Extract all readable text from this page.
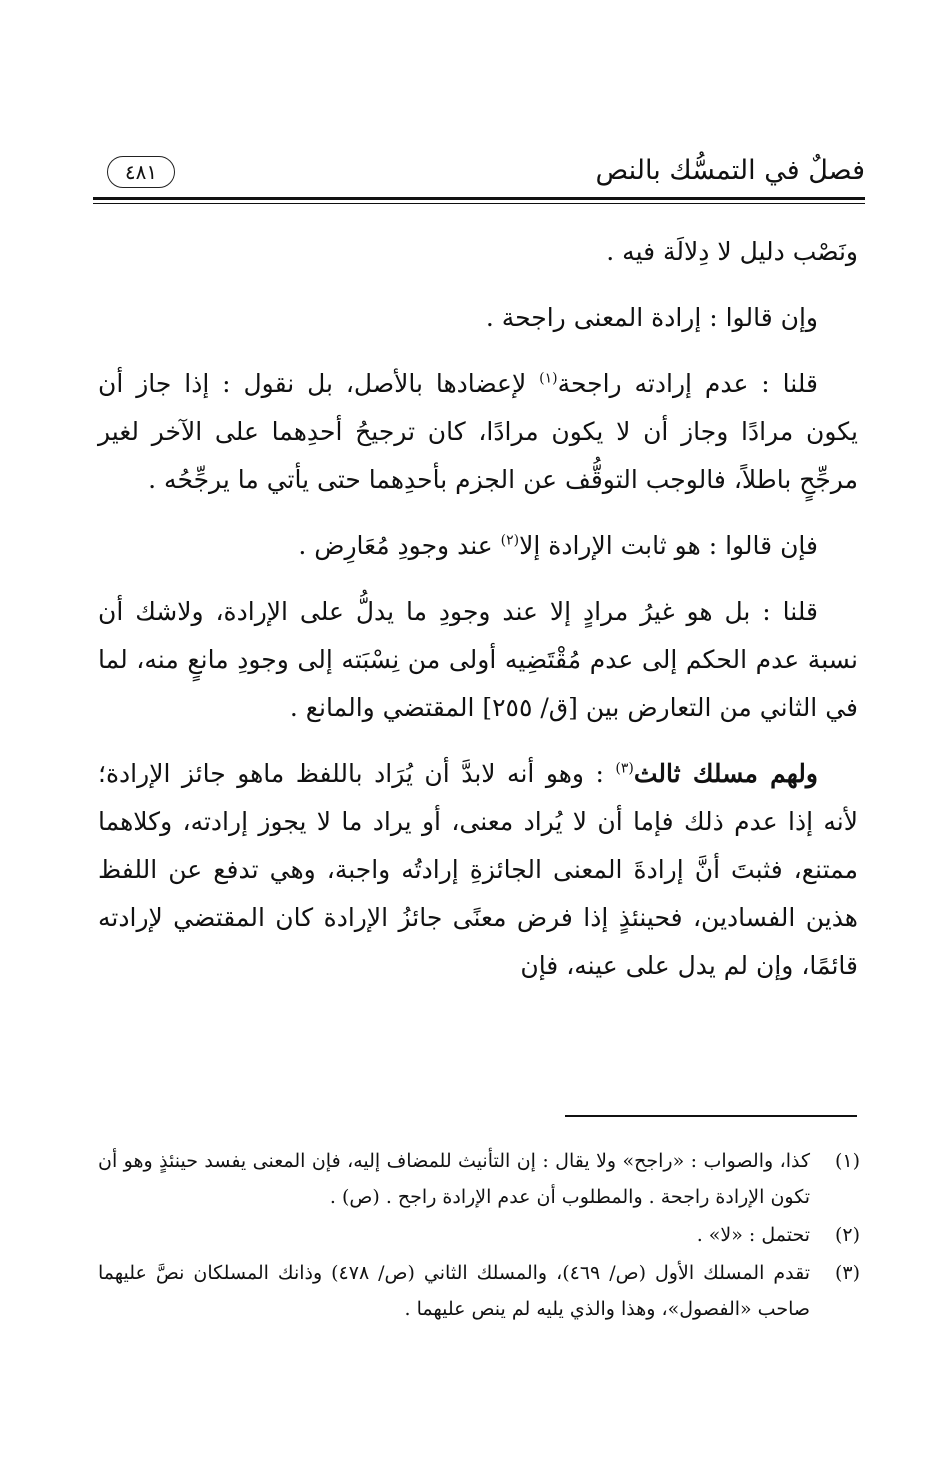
فصلٌ في التمسُّك بالنص
٤٨١

ونَصْب دليل لا دِلالَة فيه .

وإن قالوا : إرادة المعنى راجحة .

قلنا : عدم إرادته راجحة$^{(١)}$ لإعضادها بالأصل، بل نقول : إذا جاز أن يكون مرادًا وجاز أن لا يكون مرادًا، كان ترجيحُ أحدِهما على الآخر لغير مرجِّحٍ باطلاً، فالوجب التوقُّف عن الجزم بأحدِهما حتى يأتي ما يرجِّحُه .

فإن قالوا : هو ثابت الإرادة إلا$^{(٢)}$ عند وجودِ مُعَارِض .

قلنا : بل هو غيرُ مرادٍ إلا عند وجودِ ما يدلُّ على الإرادة، ولاشك أن نسبة عدم الحكم إلى عدم مُقْتَضِيه أولى من نِسْبَته إلى وجودِ مانعٍ منه، لما في الثاني من التعارض بين [ق/ ٢٥٥] المقتضي والمانع .

ولهم مسلك ثالث$^{(٣)}$ : وهو أنه لابدَّ أن يُرَاد باللفظ ماهو جائز الإرادة؛ لأنه إذا عدم ذلك فإما أن لا يُراد معنى، أو يراد ما لا يجوز إرادته، وكلاهما ممتنع، فثبتَ أنَّ إرادةَ المعنى الجائزةِ إرادتُه واجبة، وهي تدفع عن اللفظ هذين الفسادين، فحينئذٍ إذا فرض معنًى جائزُ الإرادة كان المقتضي لإرادته قائمًا، وإن لم يدل على عينه، فإن

(١)
كذا، والصواب : «راجح» ولا يقال : إن التأنيث للمضاف إليه، فإن المعنى يفسد حينئذٍ وهو أن تكون الإرادة راجحة . والمطلوب أن عدم الإرادة راجح . (ص) .
(٢)
تحتمل : «لا» .
(٣)
تقدم المسلك الأول (ص/ ٤٦٩)، والمسلك الثاني (ص/ ٤٧٨) وذانك المسلكان نصَّ عليهما صاحب «الفصول»، وهذا والذي يليه لم ينص عليهما .
